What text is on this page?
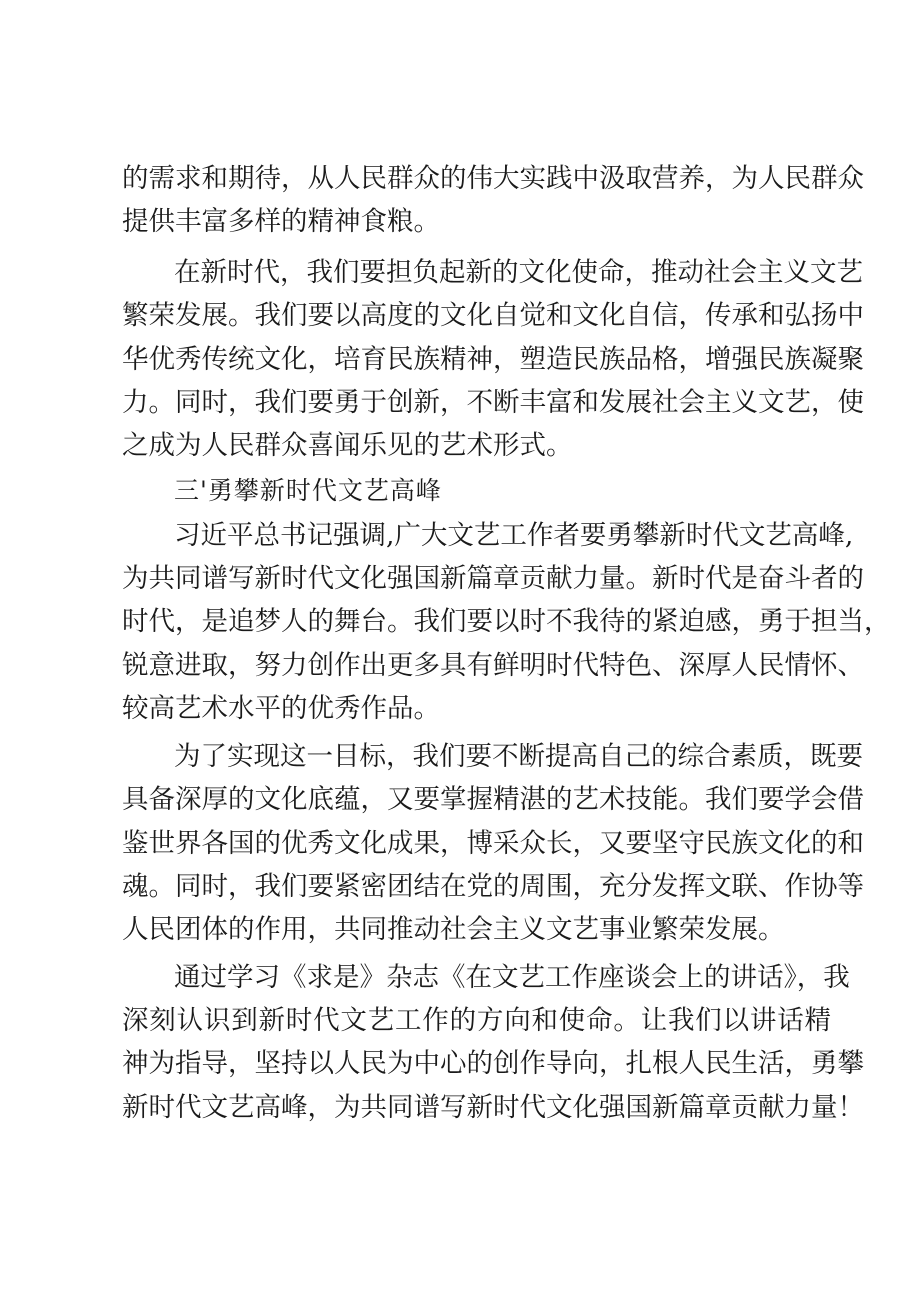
的需求和期待，从人民群众的伟大实践中汲取营养，为人民群众
提供丰富多样的精神食粮。
在新时代，我们要担负起新的文化使命，推动社会主义文艺
繁荣发展。我们要以高度的文化自觉和文化自信，传承和弘扬中
华优秀传统文化，培育民族精神，塑造民族品格，增强民族凝聚
力。同时，我们要勇于创新，不断丰富和发展社会主义文艺，使
之成为人民群众喜闻乐见的艺术形式。
三'勇攀新时代文艺高峰
习近平总书记强调,广大文艺工作者要勇攀新时代文艺高峰,
为共同谱写新时代文化强国新篇章贡献力量。新时代是奋斗者的
时代，是追梦人的舞台。我们要以时不我待的紧迫感，勇于担当，
锐意进取，努力创作出更多具有鲜明时代特色、深厚人民情怀、
较高艺术水平的优秀作品。
为了实现这一目标，我们要不断提高自己的综合素质，既要
具备深厚的文化底蕴，又要掌握精湛的艺术技能。我们要学会借
鉴世界各国的优秀文化成果，博采众长，又要坚守民族文化的和
魂。同时，我们要紧密团结在党的周围，充分发挥文联、作协等
人民团体的作用，共同推动社会主义文艺事业繁荣发展。
通过学习《求是》杂志《在文艺工作座谈会上的讲话》，我
深刻认识到新时代文艺工作的方向和使命。让我们以讲话精
神为指导，坚持以人民为中心的创作导向，扎根人民生活，勇攀
新时代文艺高峰，为共同谱写新时代文化强国新篇章贡献力量！
